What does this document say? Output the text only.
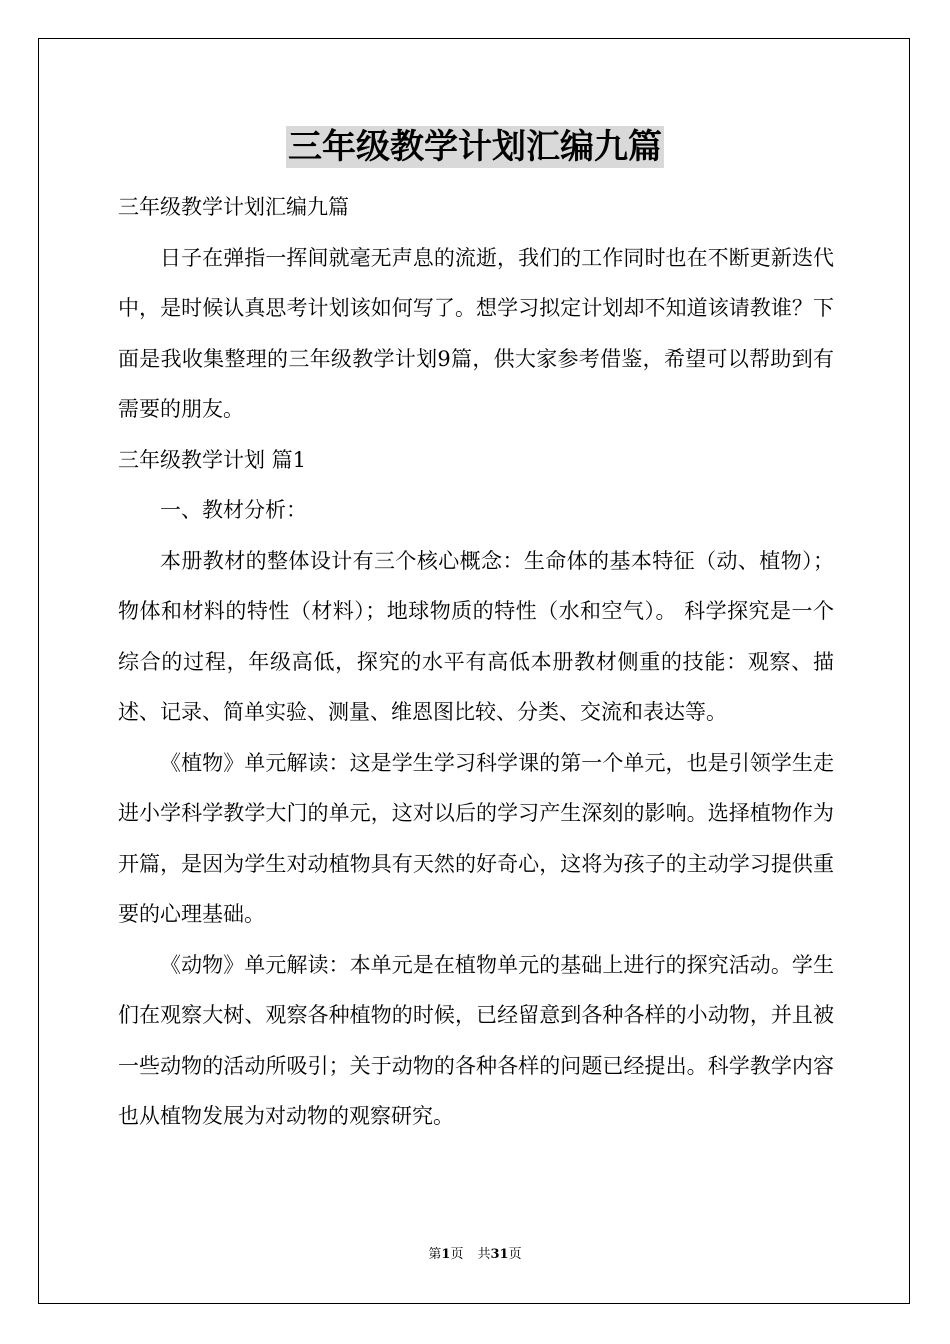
三年级教学计划汇编九篇

三年级教学计划汇编九篇

日子在弹指一挥间就毫无声息的流逝，我们的工作同时也在不断更新迭代中，是时候认真思考计划该如何写了。想学习拟定计划却不知道该请教谁？下面是我收集整理的三年级教学计划9篇，供大家参考借鉴，希望可以帮助到有需要的朋友。

三年级教学计划 篇1

一、教材分析：

本册教材的整体设计有三个核心概念：生命体的基本特征（动、植物）； 物体和材料的特性（材料）；地球物质的特性（水和空气）。 科学探究是一个综合的过程，年级高低，探究的水平有高低本册教材侧重的技能：观察、描述、记录、简单实验、测量、维恩图比较、分类、交流和表达等。

《植物》单元解读：这是学生学习科学课的第一个单元，也是引领学生走进小学科学教学大门的单元，这对以后的学习产生深刻的影响。选择植物作为开篇，是因为学生对动植物具有天然的好奇心，这将为孩子的主动学习提供重要的心理基础。

《动物》单元解读：本单元是在植物单元的基础上进行的探究活动。学生们在观察大树、观察各种植物的时候，已经留意到各种各样的小动物，并且被一些动物的活动所吸引；关于动物的各种各样的问题已经提出。科学教学内容也从植物发展为对动物的观察研究。

第1页 共31页
